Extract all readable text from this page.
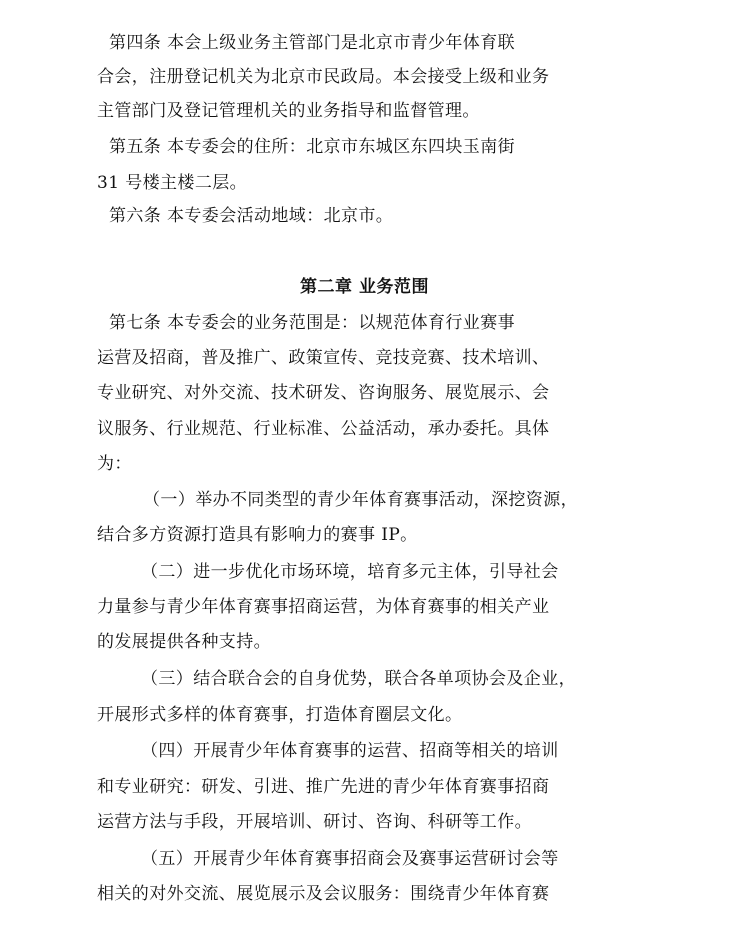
第四条 本会上级业务主管部门是北京市青少年体育联
合会，注册登记机关为北京市民政局。本会接受上级和业务
主管部门及登记管理机关的业务指导和监督管理。
第五条 本专委会的住所：北京市东城区东四块玉南街
31 号楼主楼二层。
第六条 本专委会活动地域：北京市。
第二章 业务范围
第七条 本专委会的业务范围是：以规范体育行业赛事
运营及招商，普及推广、政策宣传、竞技竞赛、技术培训、
专业研究、对外交流、技术研发、咨询服务、展览展示、会
议服务、行业规范、行业标准、公益活动，承办委托。具体
为：
（一）举办不同类型的青少年体育赛事活动，深挖资源，
结合多方资源打造具有影响力的赛事 IP。
（二）进一步优化市场环境，培育多元主体，引导社会
力量参与青少年体育赛事招商运营，为体育赛事的相关产业
的发展提供各种支持。
（三）结合联合会的自身优势，联合各单项协会及企业，
开展形式多样的体育赛事，打造体育圈层文化。
（四）开展青少年体育赛事的运营、招商等相关的培训
和专业研究：研发、引进、推广先进的青少年体育赛事招商
运营方法与手段，开展培训、研讨、咨询、科研等工作。
（五）开展青少年体育赛事招商会及赛事运营研讨会等
相关的对外交流、展览展示及会议服务：围绕青少年体育赛
